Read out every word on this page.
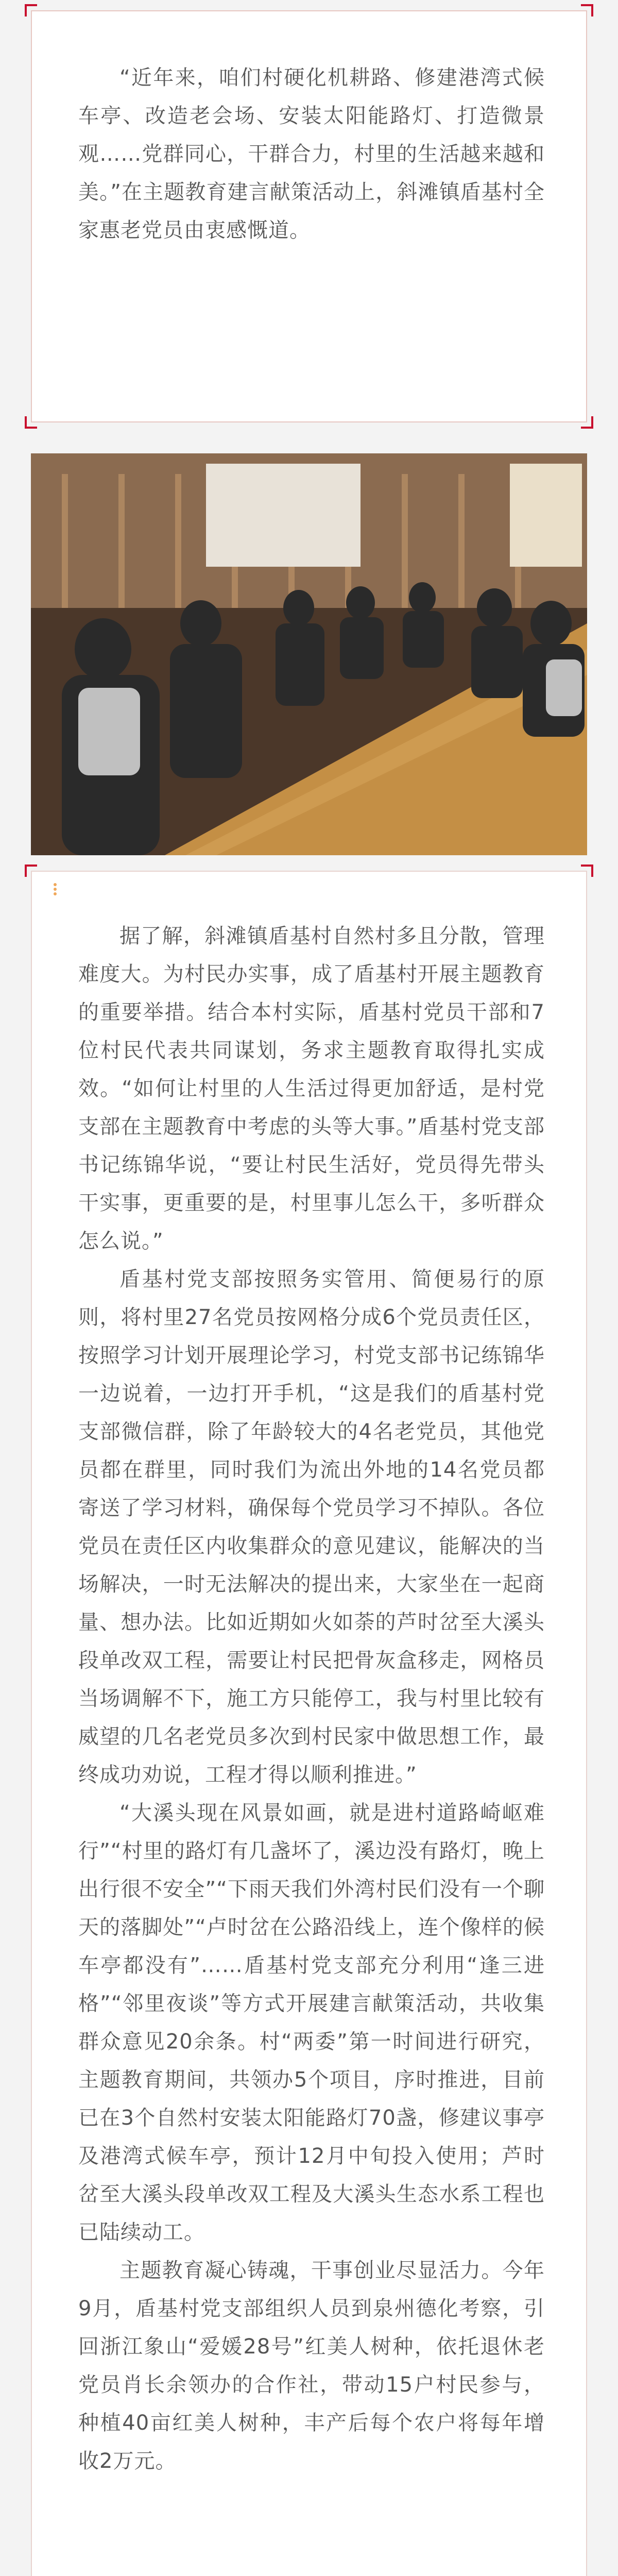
“近年来，咱们村硬化机耕路、修建港湾式候车亭、改造老会场、安装太阳能路灯、打造微景观……党群同心，干群合力，村里的生活越来越和美。”在主题教育建言献策活动上，斜滩镇盾基村全家惠老党员由衷感慨道。

据了解，斜滩镇盾基村自然村多且分散，管理难度大。为村民办实事，成了盾基村开展主题教育的重要举措。结合本村实际，盾基村党员干部和7位村民代表共同谋划，务求主题教育取得扎实成效。“如何让村里的人生活过得更加舒适，是村党支部在主题教育中考虑的头等大事。”盾基村党支部书记练锦华说，“要让村民生活好，党员得先带头干实事，更重要的是，村里事儿怎么干，多听群众怎么说。”

盾基村党支部按照务实管用、简便易行的原则，将村里27名党员按网格分成6个党员责任区，按照学习计划开展理论学习，村党支部书记练锦华一边说着，一边打开手机，“这是我们的盾基村党支部微信群，除了年龄较大的4名老党员，其他党员都在群里，同时我们为流出外地的14名党员都寄送了学习材料，确保每个党员学习不掉队。各位党员在责任区内收集群众的意见建议，能解决的当场解决，一时无法解决的提出来，大家坐在一起商量、想办法。比如近期如火如荼的芦时岔至大溪头段单改双工程，需要让村民把骨灰盒移走，网格员当场调解不下，施工方只能停工，我与村里比较有威望的几名老党员多次到村民家中做思想工作，最终成功劝说，工程才得以顺利推进。”

“大溪头现在风景如画，就是进村道路崎岖难行”“村里的路灯有几盏坏了，溪边没有路灯，晚上出行很不安全”“下雨天我们外湾村民们没有一个聊天的落脚处”“卢时岔在公路沿线上，连个像样的候车亭都没有”……盾基村党支部充分利用“逢三进格”“邻里夜谈”等方式开展建言献策活动，共收集群众意见20余条。村“两委”第一时间进行研究，主题教育期间，共领办5个项目，序时推进，目前已在3个自然村安装太阳能路灯70盏，修建议事亭及港湾式候车亭，预计12月中旬投入使用；芦时岔至大溪头段单改双工程及大溪头生态水系工程也已陆续动工。

主题教育凝心铸魂，干事创业尽显活力。今年9月，盾基村党支部组织人员到泉州德化考察，引回浙江象山“爱媛28号”红美人树种，依托退休老党员肖长余领办的合作社，带动15户村民参与，种植40亩红美人树种，丰产后每个农户将每年增收2万元。
